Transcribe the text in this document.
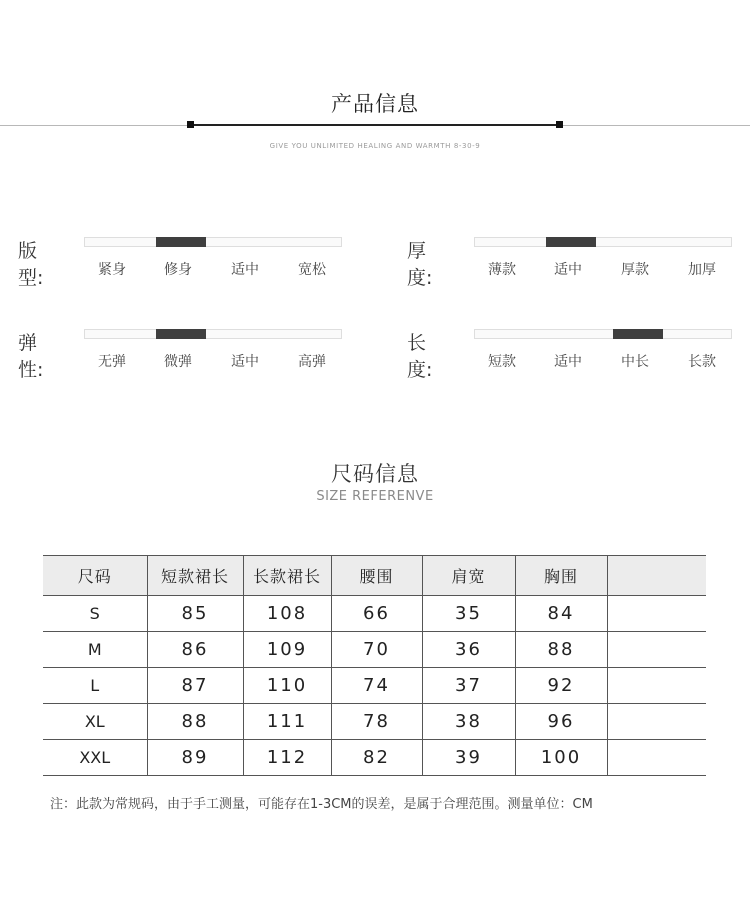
产品信息
GIVE YOU UNLIMITED HEALING AND WARMTH 8-30-9
版型:	紧身	修身	适中	宽松
厚度:	薄款	适中	厚款	加厚
弹性:	无弹	微弹	适中	高弹
长度:	短款	适中	中长	长款
尺码信息
SIZE REFERENVE
尺码	短款裙长	长款裙长	腰围	肩宽	胸围	
S	85	108	66	35	84	
M	86	109	70	36	88	
L	87	110	74	37	92	
XL	88	111	78	38	96	
XXL	89	112	82	39	100	
注：此款为常规码，由于手工测量，可能存在1-3CM的误差，是属于合理范围。测量单位：CM
